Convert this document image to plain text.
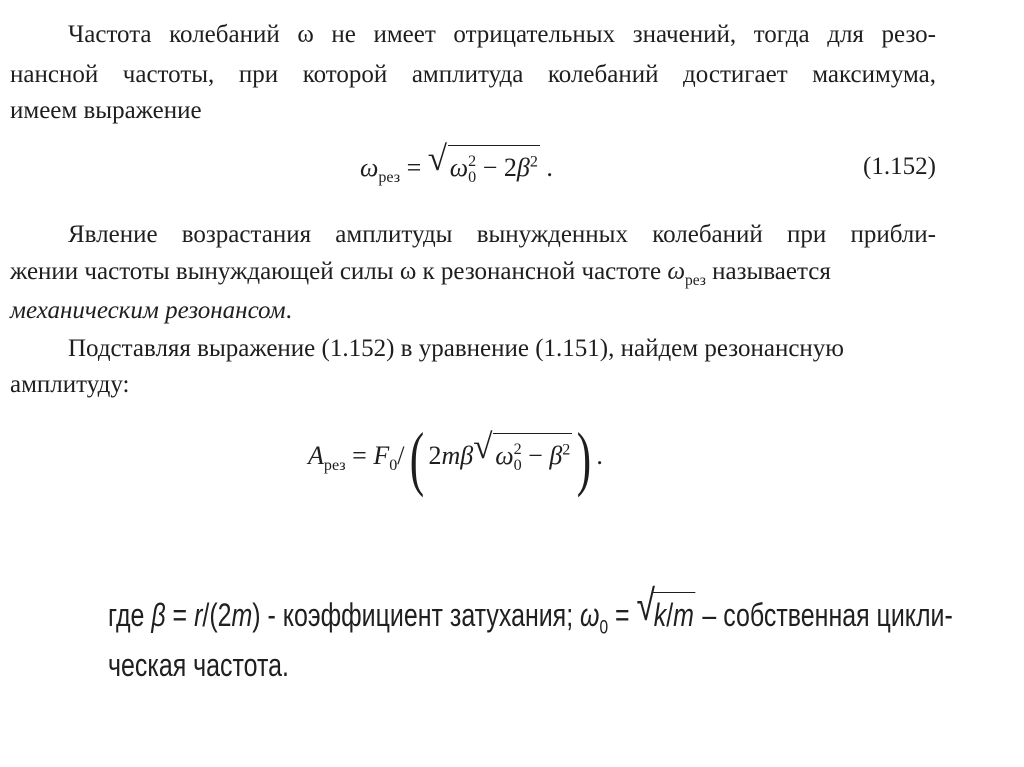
Частота колебаний ω не имеет отрицательных значений, тогда для резо-
нансной частоты, при которой амплитуда колебаний достигает максимума,
имеем выражение
$\omega_{рез}$ = √ ω 2
$0 - 2\beta^2$ .	(1.152)
Явление возрастания амплитуды вынужденных колебаний при прибли-
жении частоты вынуждающей силы ω к резонансной частоте $\omega_{рез}$ называется
механическим резонансом.
Подставляя выражение (1.152) в уравнение (1.151), найдем резонансную
амплитуду:
$A_{рез} = F_0/$( 2mβ√ ω 2
$0 - \beta^2$) .
где β = r/(2m) - коэффициент затухания; $\omega_0$ = √ k/m – собственная цикли-
ческая частота.
